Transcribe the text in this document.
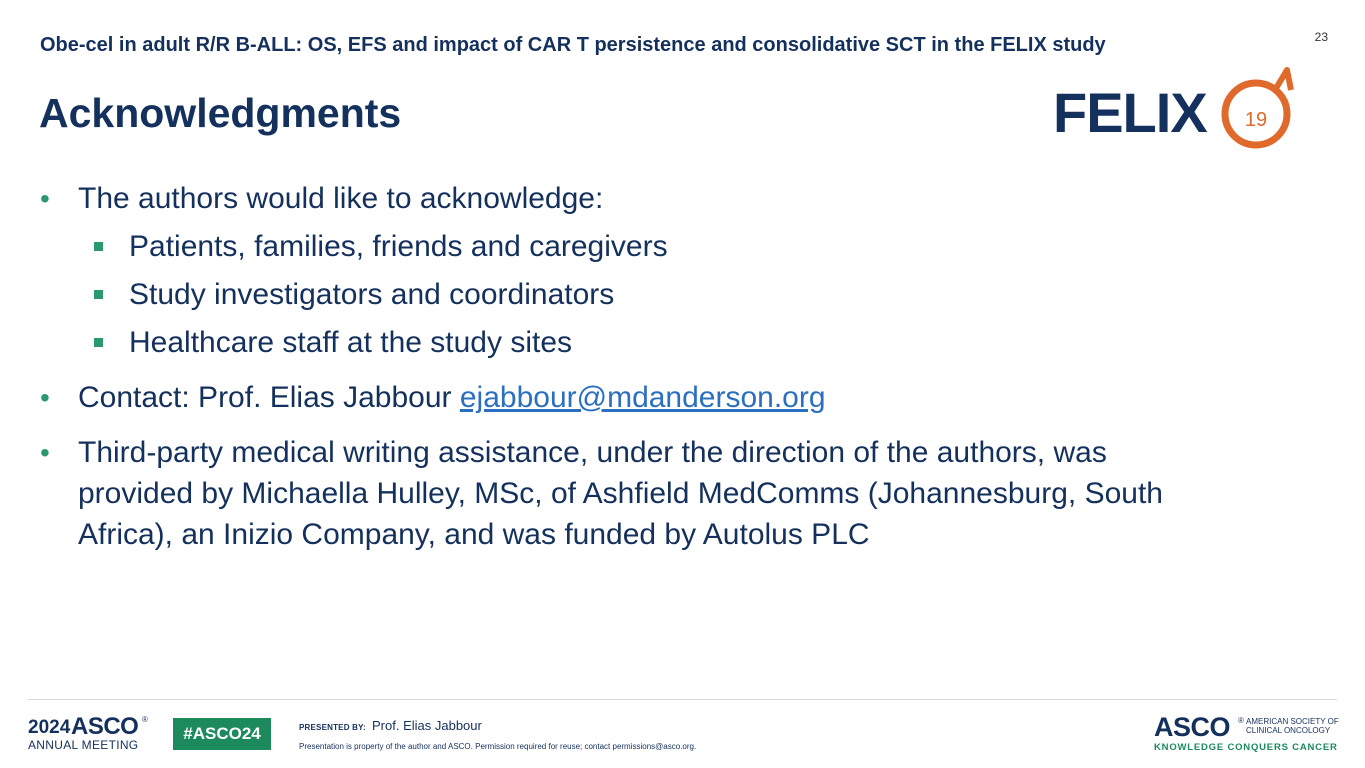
Obe-cel in adult R/R B-ALL: OS, EFS and impact of CAR T persistence and consolidative SCT in the FELIX study	23
Acknowledgments	FELIX 19
• The authors would like to acknowledge:
Patients, families, friends and caregivers
Study investigators and coordinators
Healthcare staff at the study sites
• Contact: Prof. Elias Jabbour ejabbour@mdanderson.org
• Third-party medical writing assistance, under the direction of the authors, was
provided by Michaella Hulley, MSc, of Ashfield MedComms (Johannesburg, South
Africa), an Inizio Company, and was funded by Autolus PLC
2024 ASCO ®
ANNUAL MEETING
#ASCO24	PRESENTED BY: Prof. Elias Jabbour
Presentation is property of the author and ASCO. Permission required for reuse; contact permissions@asco.org.
ASCO ® AMERICAN SOCIETY OF
CLINICAL ONCOLOGY
KNOWLEDGE CONQUERS CANCER
